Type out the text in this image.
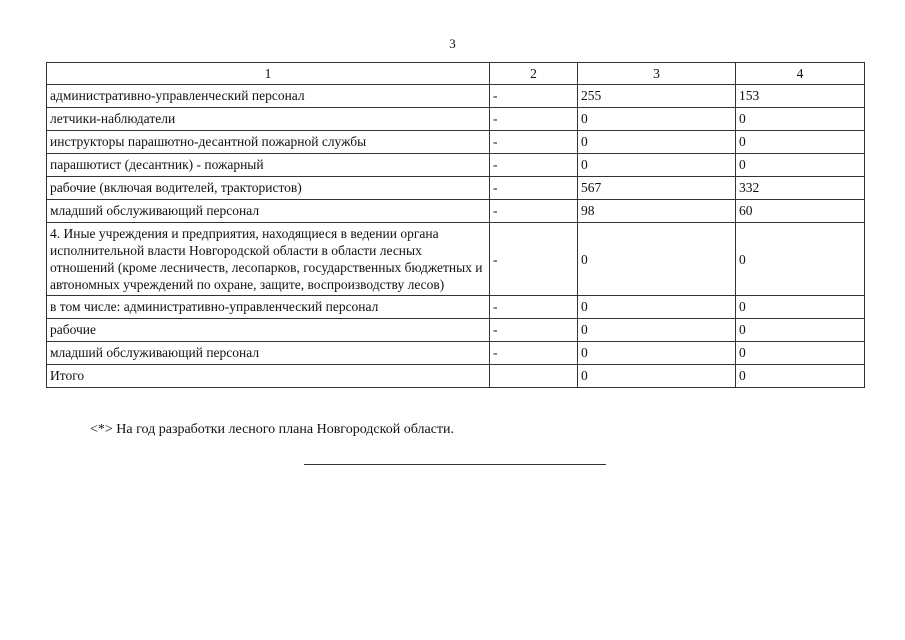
3
1	2	3	4
административно-управленческий персонал	-	255	153
летчики-наблюдатели	-	0	0
инструкторы парашютно-десантной пожарной службы	-	0	0
парашютист (десантник) - пожарный	-	0	0
рабочие (включая водителей, трактористов)	-	567	332
младший обслуживающий персонал	-	98	60
4. Иные учреждения и предприятия, находящиеся в ведении органа исполнительной власти Новгородской области в области лесных отношений (кроме лесничеств, лесопарков, государственных бюджетных и автономных учреждений по охране, защите, воспроизводству лесов)	-	0	0
в том числе: административно-управленческий персонал	-	0	0
рабочие	-	0	0
младший обслуживающий персонал	-	0	0
Итого		0	0
<*> На год разработки лесного плана Новгородской области.
